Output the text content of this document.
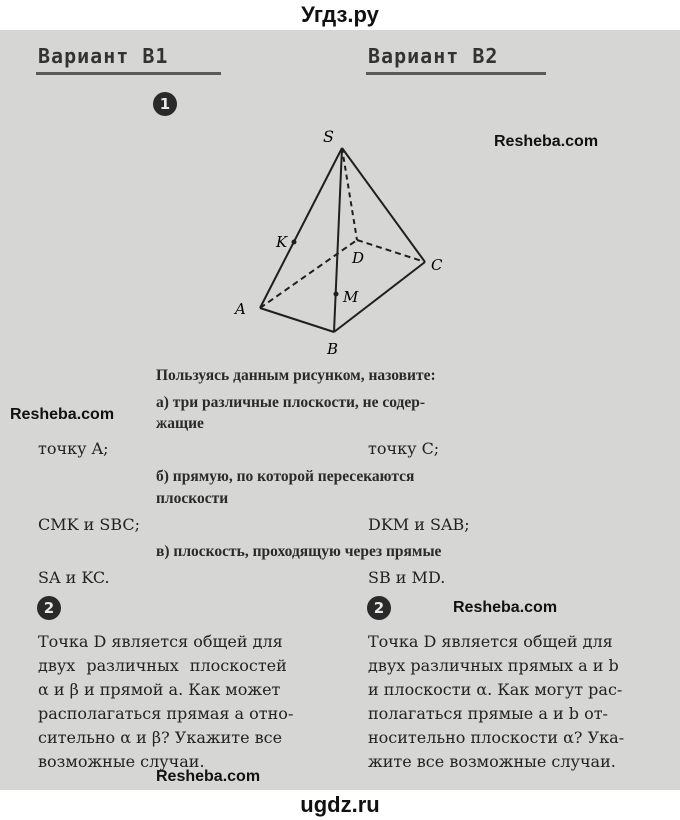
Угдз.ру
Вариант В1	Вариант В2
1
Resheba.com
S
K
D	C
M
A
B
Пользуясь данным рисунком, назовите:
а) три различные плоскости, не содер-
жащие
Resheba.com
точку A;	точку C;
б) прямую, по которой пересекаются
плоскости
CMK и SBC;	DKM и SAB;
в) плоскость, проходящую через прямые
SA и KC.	SB и MD.
2	2	Resheba.com
Точка D является общей для
двух различных плоскостей
α и β и прямой a. Как может
располагаться прямая a отно-
сительно α и β? Укажите все
возможные случаи.
Точка D является общей для
двух различных прямых a и b
и плоскости α. Как могут рас-
полагаться прямые a и b от-
носительно плоскости α? Ука-
жите все возможные случаи.
Resheba.com
ugdz.ru
